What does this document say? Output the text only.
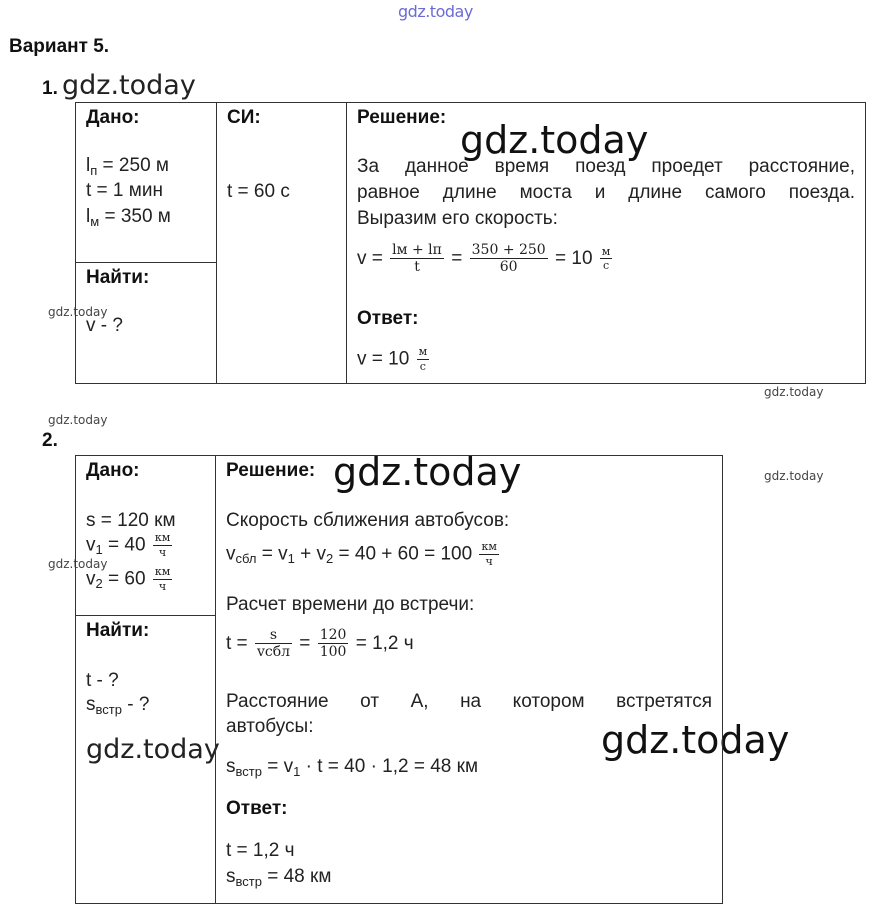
gdz.today
gdz.today
gdz.today
gdz.today
gdz.today
gdz.today
gdz.today
gdz.today
gdz.today
gdz.today	gdz.today
Вариант 5.
1.
Дано:
$l_п = 250$ м
t = 1 мин
$l_м = 350$ м

СИ:
t = 60 с

Решение:
За данное время поезд проедет расстояние,
равное длине моста и длине самого поезда.
Выразим его скорость:
$v = \frac{lм + lп}{t} = \frac{350 + 250}{60} = 10 \frac{м}{с}$
Ответ:
$v = 10 \frac{м}{с}$

Найти:
v - ?
2.
Дано:
s = 120 км
$v_1 = 40 \frac{км}{ч}$
$v_2 = 60 \frac{км}{ч}$

Решение:
Скорость сближения автобусов:
$v_{сбл} = v_1 + v_2 = 40 + 60 = 100 \frac{км}{ч}$
Расчет времени до встречи:
$t = \frac{s}{\text{vсбл}} = \frac{120}{100} = 1,2$ ч
Расстояние от А, на котором встретятся
автобусы:
$s_{встр} = v_1 \cdot t = 40 \cdot 1,2 = 48$ км
Ответ:
t = 1,2 ч
$s_{встр} = 48$ км

Найти:
t - ?
$s_{встр}$ - ?
